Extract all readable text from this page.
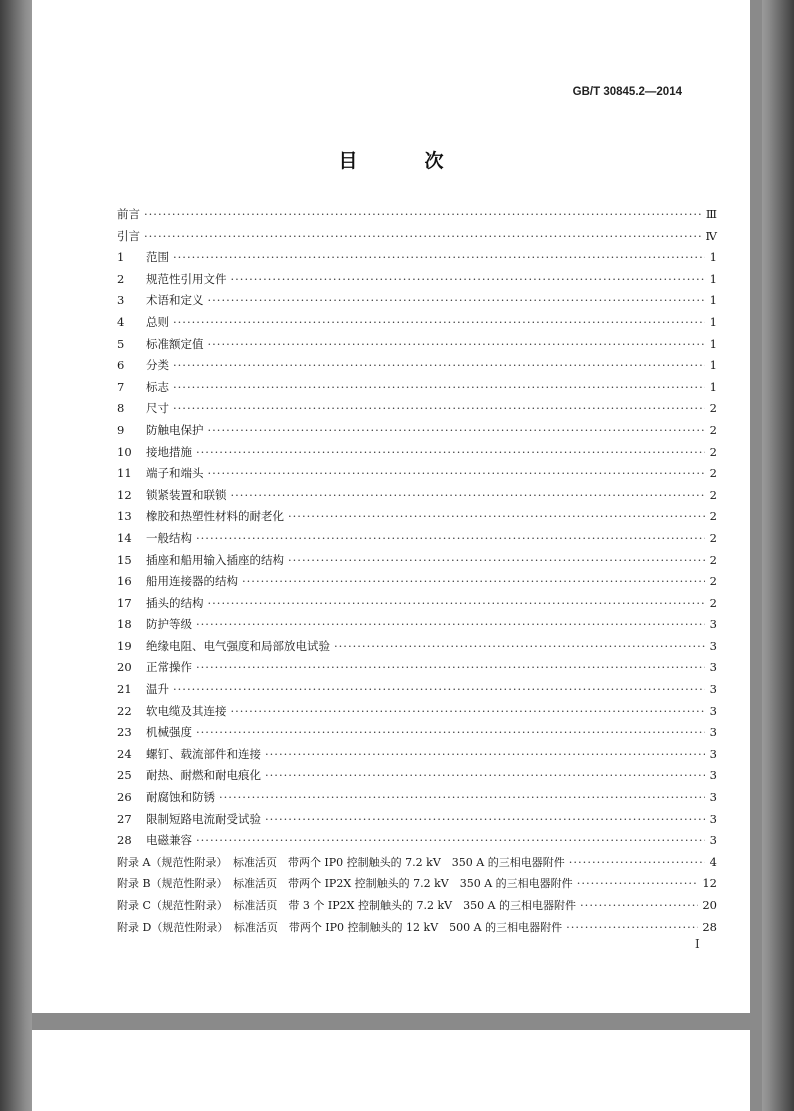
GB/T 30845.2—2014
目　次
前言 ·····	Ⅲ
引言 ·····	Ⅳ
1	范围 ·····	1
2	规范性引用文件 ·····	1
3	术语和定义 ·····	1
4	总则 ·····	1
5	标准额定值 ·····	1
6	分类 ·····	1
7	标志 ·····	1
8	尺寸 ·····	2
9	防触电保护 ·····	2
10	接地措施 ·····	2
11	端子和端头 ·····	2
12	锁紧装置和联锁 ·····	2
13	橡胶和热塑性材料的耐老化 ·····	2
14	一般结构 ·····	2
15	插座和船用输入插座的结构 ·····	2
16	船用连接器的结构 ·····	2
17	插头的结构 ·····	2
18	防护等级 ·····	3
19	绝缘电阻、电气强度和局部放电试验 ·····	3
20	正常操作 ·····	3
21	温升 ·····	3
22	软电缆及其连接 ·····	3
23	机械强度 ·····	3
24	螺钉、载流部件和连接 ·····	3
25	耐热、耐燃和耐电痕化 ·····	3
26	耐腐蚀和防锈 ·····	3
27	限制短路电流耐受试验 ·····	3
28	电磁兼容 ·····	3
附录 A（规范性附录）　标准活页　带两个 IP0 控制触头的 7.2 kV　350 A 的三相电器附件 ·····	4
附录 B（规范性附录）　标准活页　带两个 IP2X 控制触头的 7.2 kV　350 A 的三相电器附件 ·····	12
附录 C（规范性附录）　标准活页　带 3 个 IP2X 控制触头的 7.2 kV　350 A 的三相电器附件 ·····	20
附录 D（规范性附录）　标准活页　带两个 IP0 控制触头的 12 kV　500 A 的三相电器附件 ·····	28
Ⅰ
